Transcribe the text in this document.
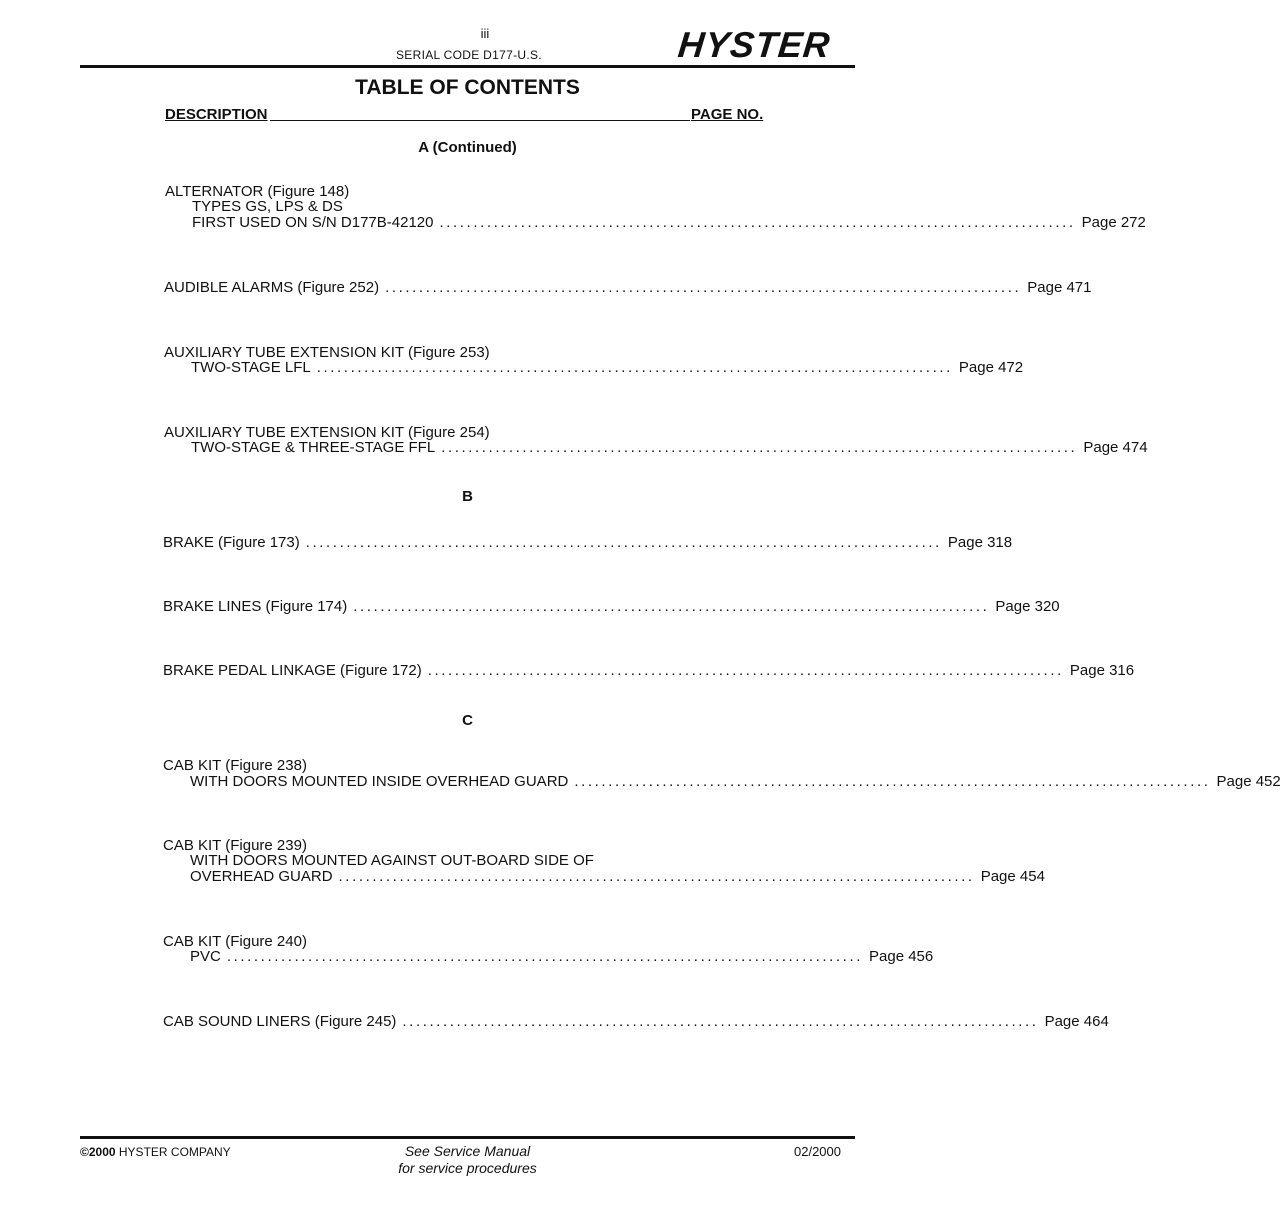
iii
SERIAL CODE D177-U.S.	HYSTER
TABLE OF CONTENTS
DESCRIPTION	PAGE NO.
A (Continued)
B
C
ALTERNATOR (Figure 148)
TYPES GS, LPS & DS
FIRST USED ON S/N D177B-42120 .............................................................................................. Page 272
AUDIBLE ALARMS (Figure 252) .............................................................................................. Page 471
AUXILIARY TUBE EXTENSION KIT (Figure 253)
TWO-STAGE LFL .............................................................................................. Page 472
AUXILIARY TUBE EXTENSION KIT (Figure 254)
TWO-STAGE & THREE-STAGE FFL .............................................................................................. Page 474
BRAKE (Figure 173) .............................................................................................. Page 318
BRAKE LINES (Figure 174) .............................................................................................. Page 320
BRAKE PEDAL LINKAGE (Figure 172) .............................................................................................. Page 316
CAB KIT (Figure 238)
WITH DOORS MOUNTED INSIDE OVERHEAD GUARD .............................................................................................. Page 452
CAB KIT (Figure 239)
WITH DOORS MOUNTED AGAINST OUT-BOARD SIDE OF
OVERHEAD GUARD .............................................................................................. Page 454
CAB KIT (Figure 240)
PVC .............................................................................................. Page 456
CAB SOUND LINERS (Figure 245) .............................................................................................. Page 464
©2000 HYSTER COMPANY	See Service Manual
for service procedures
02/2000
